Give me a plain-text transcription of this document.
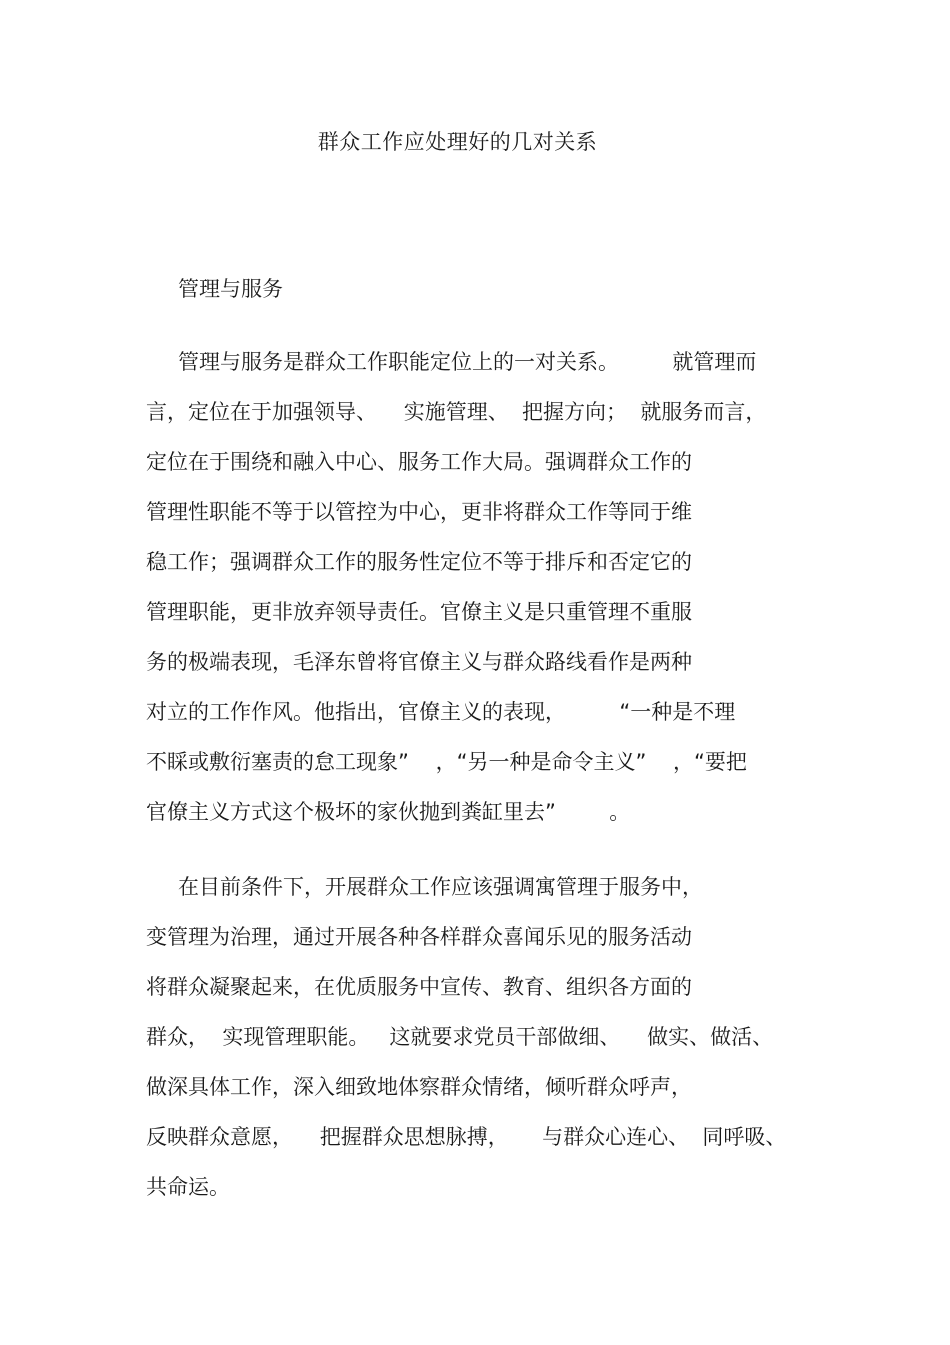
群众工作应处理好的几对关系
管理与服务
管理与服务是群众工作职能定位上的一对关系。        就管理而
言，定位在于加强领导、    实施管理、  把握方向；  就服务而言，
定位在于围绕和融入中心、服务工作大局。强调群众工作的
管理性职能不等于以管控为中心，更非将群众工作等同于维
稳工作；强调群众工作的服务性定位不等于排斥和否定它的
管理职能，更非放弃领导责任。官僚主义是只重管理不重服
务的极端表现，毛泽东曾将官僚主义与群众路线看作是两种
对立的工作作风。他指出，官僚主义的表现，        “一种是不理
不睬或敷衍塞责的怠工现象”    ，“另一种是命令主义”    ，“要把
官僚主义方式这个极坏的家伙抛到粪缸里去”        。
在目前条件下，开展群众工作应该强调寓管理于服务中，
变管理为治理，通过开展各种各样群众喜闻乐见的服务活动
将群众凝聚起来，在优质服务中宣传、教育、组织各方面的
群众，  实现管理职能。   这就要求党员干部做细、    做实、做活、
做深具体工作，深入细致地体察群众情绪，倾听群众呼声，
反映群众意愿，    把握群众思想脉搏，     与群众心连心、  同呼吸、
共命运。
